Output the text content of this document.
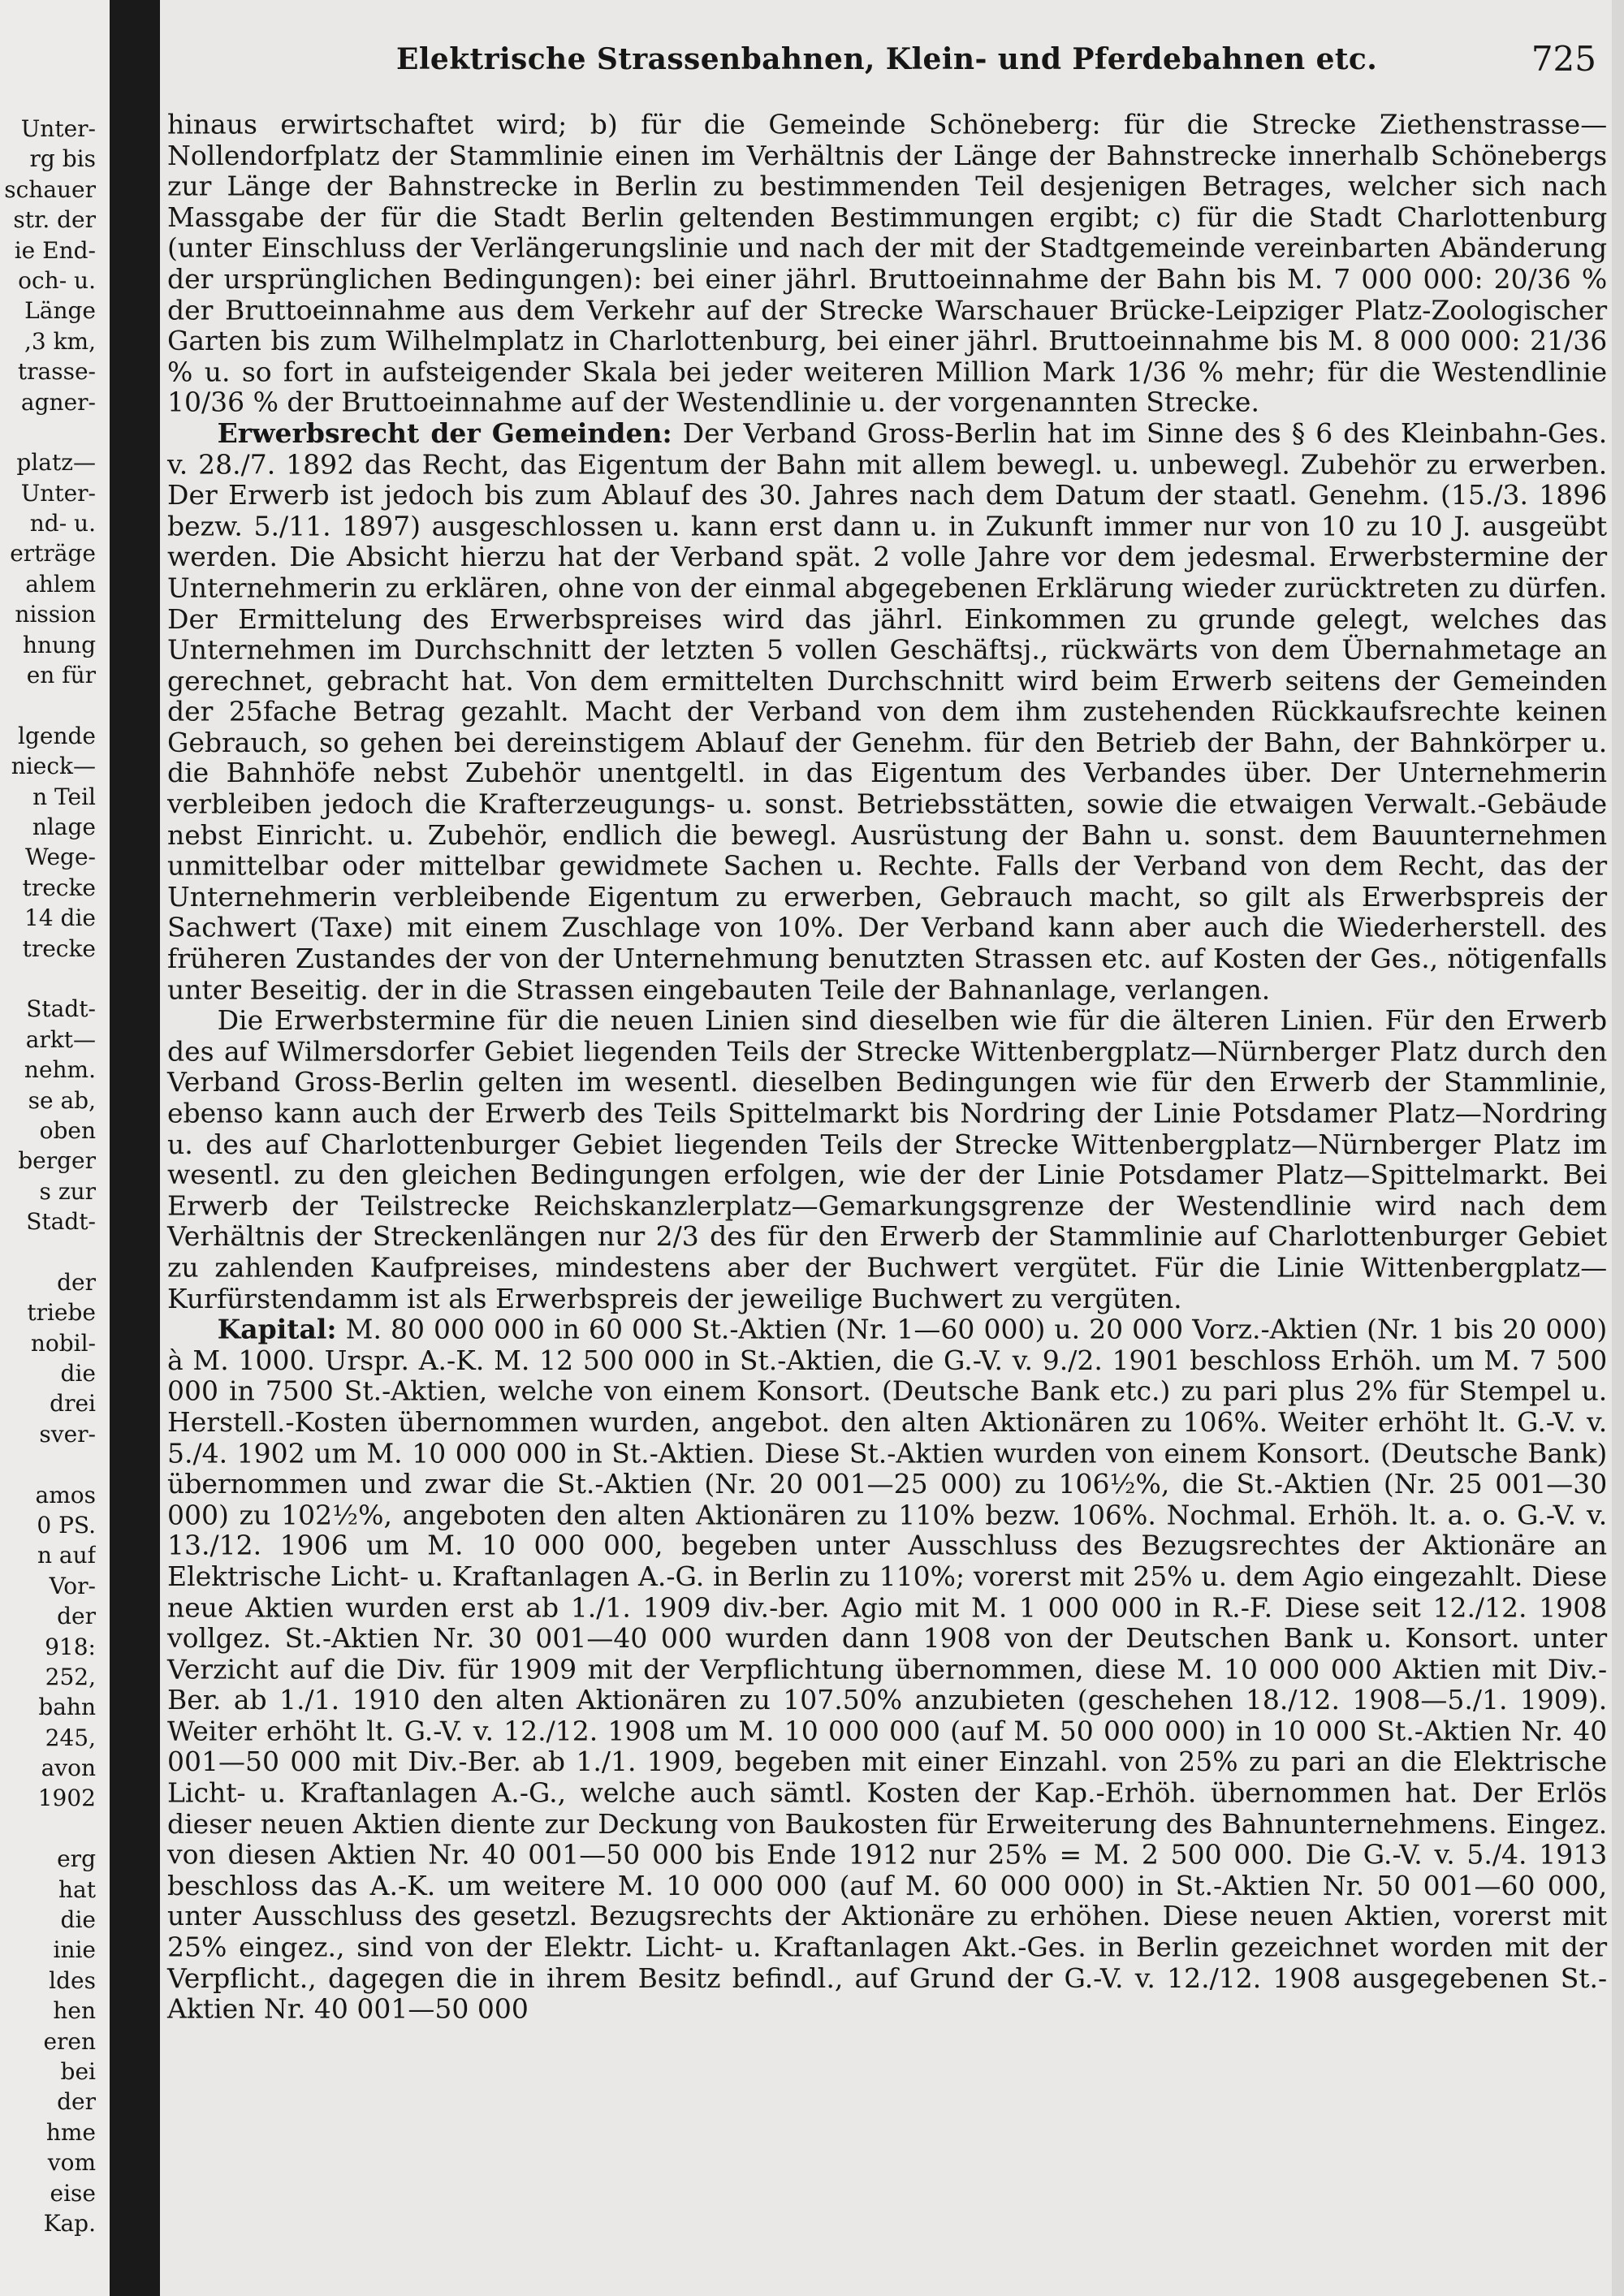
Unter-
rg bis
schauer
str. der
ie End-
och- u.
Länge
,3 km,
trasse-
agner-
platz—
Unter-
nd- u.
erträge
ahlem
nission
hnung
en für
lgende
nieck—
n Teil
nlage
Wege-
trecke
14 die
trecke
Stadt-
arkt—
nehm.
se ab,
oben
berger
s zur
Stadt-
der
triebe
nobil-
die
drei
sver-
amos
0 PS.
n auf
Vor-
der
918:
252,
bahn
245,
avon
1902
erg
hat
die
inie
ldes
hen
eren
bei
der
hme
vom
eise
Kap.
Elektrische Strassenbahnen, Klein- und Pferdebahnen etc.	725

hinaus erwirtschaftet wird; b) für die Gemeinde Schöneberg: für die Strecke Ziethenstrasse—Nollendorfplatz der Stammlinie einen im Verhältnis der Länge der Bahnstrecke innerhalb Schönebergs zur Länge der Bahnstrecke in Berlin zu bestimmenden Teil desjenigen Betrages, welcher sich nach Massgabe der für die Stadt Berlin geltenden Bestimmungen ergibt; c) für die Stadt Charlottenburg (unter Einschluss der Verlängerungslinie und nach der mit der Stadtgemeinde vereinbarten Abänderung der ursprünglichen Bedingungen): bei einer jährl. Bruttoeinnahme der Bahn bis M. 7 000 000: 20/36 % der Bruttoeinnahme aus dem Verkehr auf der Strecke Warschauer Brücke-Leipziger Platz-Zoologischer Garten bis zum Wilhelmplatz in Charlottenburg, bei einer jährl. Bruttoeinnahme bis M. 8 000 000: 21/36 % u. so fort in aufsteigender Skala bei jeder weiteren Million Mark 1/36 % mehr; für die Westendlinie 10/36 % der Bruttoeinnahme auf der Westendlinie u. der vorgenannten Strecke.

Erwerbsrecht der Gemeinden: Der Verband Gross-Berlin hat im Sinne des § 6 des Kleinbahn-Ges. v. 28./7. 1892 das Recht, das Eigentum der Bahn mit allem bewegl. u. unbewegl. Zubehör zu erwerben. Der Erwerb ist jedoch bis zum Ablauf des 30. Jahres nach dem Datum der staatl. Genehm. (15./3. 1896 bezw. 5./11. 1897) ausgeschlossen u. kann erst dann u. in Zukunft immer nur von 10 zu 10 J. ausgeübt werden. Die Absicht hierzu hat der Verband spät. 2 volle Jahre vor dem jedesmal. Erwerbstermine der Unternehmerin zu erklären, ohne von der einmal abgegebenen Erklärung wieder zurücktreten zu dürfen. Der Ermittelung des Erwerbspreises wird das jährl. Einkommen zu grunde gelegt, welches das Unternehmen im Durchschnitt der letzten 5 vollen Geschäftsj., rückwärts von dem Übernahmetage an gerechnet, gebracht hat. Von dem ermittelten Durchschnitt wird beim Erwerb seitens der Gemeinden der 25fache Betrag gezahlt. Macht der Verband von dem ihm zustehenden Rückkaufsrechte keinen Gebrauch, so gehen bei dereinstigem Ablauf der Genehm. für den Betrieb der Bahn, der Bahnkörper u. die Bahnhöfe nebst Zubehör unentgeltl. in das Eigentum des Verbandes über. Der Unternehmerin verbleiben jedoch die Krafterzeugungs- u. sonst. Betriebsstätten, sowie die etwaigen Verwalt.-Gebäude nebst Einricht. u. Zubehör, endlich die bewegl. Ausrüstung der Bahn u. sonst. dem Bauunternehmen unmittelbar oder mittelbar gewidmete Sachen u. Rechte. Falls der Verband von dem Recht, das der Unternehmerin verbleibende Eigentum zu erwerben, Gebrauch macht, so gilt als Erwerbspreis der Sachwert (Taxe) mit einem Zuschlage von 10%. Der Verband kann aber auch die Wiederherstell. des früheren Zustandes der von der Unternehmung benutzten Strassen etc. auf Kosten der Ges., nötigenfalls unter Beseitig. der in die Strassen eingebauten Teile der Bahnanlage, verlangen.

Die Erwerbstermine für die neuen Linien sind dieselben wie für die älteren Linien. Für den Erwerb des auf Wilmersdorfer Gebiet liegenden Teils der Strecke Wittenbergplatz—Nürnberger Platz durch den Verband Gross-Berlin gelten im wesentl. dieselben Bedingungen wie für den Erwerb der Stammlinie, ebenso kann auch der Erwerb des Teils Spittelmarkt bis Nordring der Linie Potsdamer Platz—Nordring u. des auf Charlottenburger Gebiet liegenden Teils der Strecke Wittenbergplatz—Nürnberger Platz im wesentl. zu den gleichen Bedingungen erfolgen, wie der der Linie Potsdamer Platz—Spittelmarkt. Bei Erwerb der Teilstrecke Reichskanzlerplatz—Gemarkungsgrenze der Westendlinie wird nach dem Verhältnis der Streckenlängen nur 2/3 des für den Erwerb der Stammlinie auf Charlottenburger Gebiet zu zahlenden Kaufpreises, mindestens aber der Buchwert vergütet. Für die Linie Wittenbergplatz—Kurfürstendamm ist als Erwerbspreis der jeweilige Buchwert zu vergüten.

Kapital: M. 80 000 000 in 60 000 St.-Aktien (Nr. 1—60 000) u. 20 000 Vorz.-Aktien (Nr. 1 bis 20 000) à M. 1000. Urspr. A.-K. M. 12 500 000 in St.-Aktien, die G.-V. v. 9./2. 1901 beschloss Erhöh. um M. 7 500 000 in 7500 St.-Aktien, welche von einem Konsort. (Deutsche Bank etc.) zu pari plus 2% für Stempel u. Herstell.-Kosten übernommen wurden, angebot. den alten Aktionären zu 106%. Weiter erhöht lt. G.-V. v. 5./4. 1902 um M. 10 000 000 in St.-Aktien. Diese St.-Aktien wurden von einem Konsort. (Deutsche Bank) übernommen und zwar die St.-Aktien (Nr. 20 001—25 000) zu 106½%, die St.-Aktien (Nr. 25 001—30 000) zu 102½%, angeboten den alten Aktionären zu 110% bezw. 106%. Nochmal. Erhöh. lt. a. o. G.-V. v. 13./12. 1906 um M. 10 000 000, begeben unter Ausschluss des Bezugsrechtes der Aktionäre an Elektrische Licht- u. Kraftanlagen A.-G. in Berlin zu 110%; vorerst mit 25% u. dem Agio eingezahlt. Diese neue Aktien wurden erst ab 1./1. 1909 div.-ber. Agio mit M. 1 000 000 in R.-F. Diese seit 12./12. 1908 vollgez. St.-Aktien Nr. 30 001—40 000 wurden dann 1908 von der Deutschen Bank u. Konsort. unter Verzicht auf die Div. für 1909 mit der Verpflichtung übernommen, diese M. 10 000 000 Aktien mit Div.-Ber. ab 1./1. 1910 den alten Aktionären zu 107.50% anzubieten (geschehen 18./12. 1908—5./1. 1909). Weiter erhöht lt. G.-V. v. 12./12. 1908 um M. 10 000 000 (auf M. 50 000 000) in 10 000 St.-Aktien Nr. 40 001—50 000 mit Div.-Ber. ab 1./1. 1909, begeben mit einer Einzahl. von 25% zu pari an die Elektrische Licht- u. Kraftanlagen A.-G., welche auch sämtl. Kosten der Kap.-Erhöh. übernommen hat. Der Erlös dieser neuen Aktien diente zur Deckung von Baukosten für Erweiterung des Bahnunternehmens. Eingez. von diesen Aktien Nr. 40 001—50 000 bis Ende 1912 nur 25% = M. 2 500 000. Die G.-V. v. 5./4. 1913 beschloss das A.-K. um weitere M. 10 000 000 (auf M. 60 000 000) in St.-Aktien Nr. 50 001—60 000, unter Ausschluss des gesetzl. Bezugsrechts der Aktionäre zu erhöhen. Diese neuen Aktien, vorerst mit 25% eingez., sind von der Elektr. Licht- u. Kraftanlagen Akt.-Ges. in Berlin gezeichnet worden mit der Verpflicht., dagegen die in ihrem Besitz befindl., auf Grund der G.-V. v. 12./12. 1908 ausgegebenen St.-Aktien Nr. 40 001—50 000
